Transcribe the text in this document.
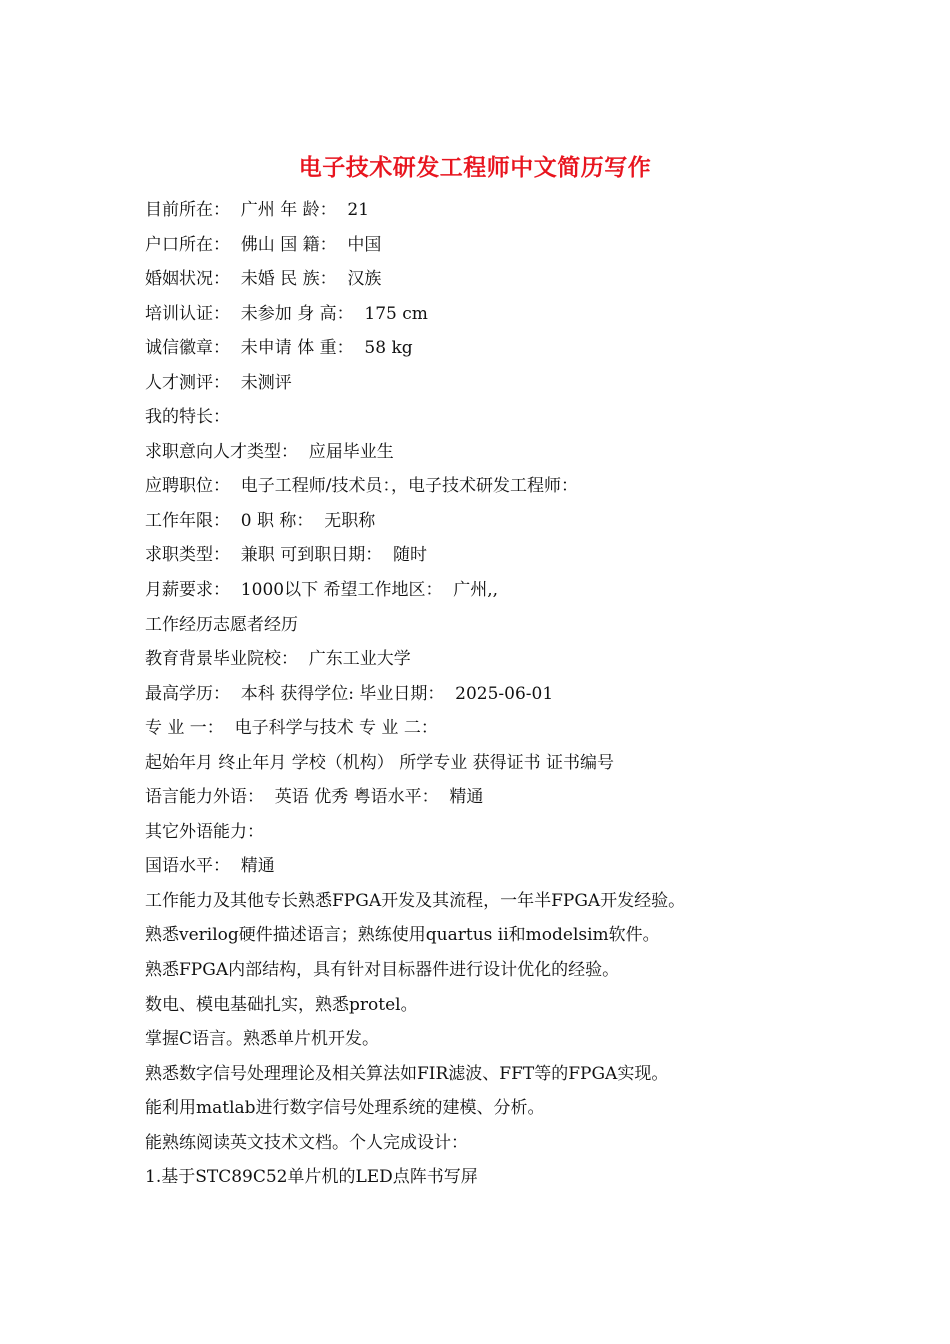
电子技术研发工程师中文简历写作
目前所在：  广州 年 龄：  21
户口所在：  佛山 国 籍：  中国
婚姻状况：  未婚 民 族：  汉族
培训认证：  未参加 身 高：  175 cm
诚信徽章：  未申请 体 重：  58 kg
人才测评：  未测评
我的特长：
求职意向人才类型：  应届毕业生
应聘职位：  电子工程师/技术员：，电子技术研发工程师：
工作年限：  0 职 称：  无职称
求职类型：  兼职 可到职日期：  随时
月薪要求：  1000以下 希望工作地区：  广州,,
工作经历志愿者经历
教育背景毕业院校：  广东工业大学
最高学历：  本科 获得学位: 毕业日期：  2025-06-01
专 业 一：  电子科学与技术 专 业 二：
起始年月 终止年月 学校（机构） 所学专业 获得证书 证书编号
语言能力外语：  英语 优秀 粤语水平：  精通
其它外语能力：
国语水平：  精通
工作能力及其他专长熟悉FPGA开发及其流程，一年半FPGA开发经验。
熟悉verilog硬件描述语言；熟练使用quartus ii和modelsim软件。
熟悉FPGA内部结构，具有针对目标器件进行设计优化的经验。
数电、模电基础扎实，熟悉protel。
掌握C语言。熟悉单片机开发。
熟悉数字信号处理理论及相关算法如FIR滤波、FFT等的FPGA实现。
能利用matlab进行数字信号处理系统的建模、分析。
能熟练阅读英文技术文档。个人完成设计：
1.基于STC89C52单片机的LED点阵书写屏
